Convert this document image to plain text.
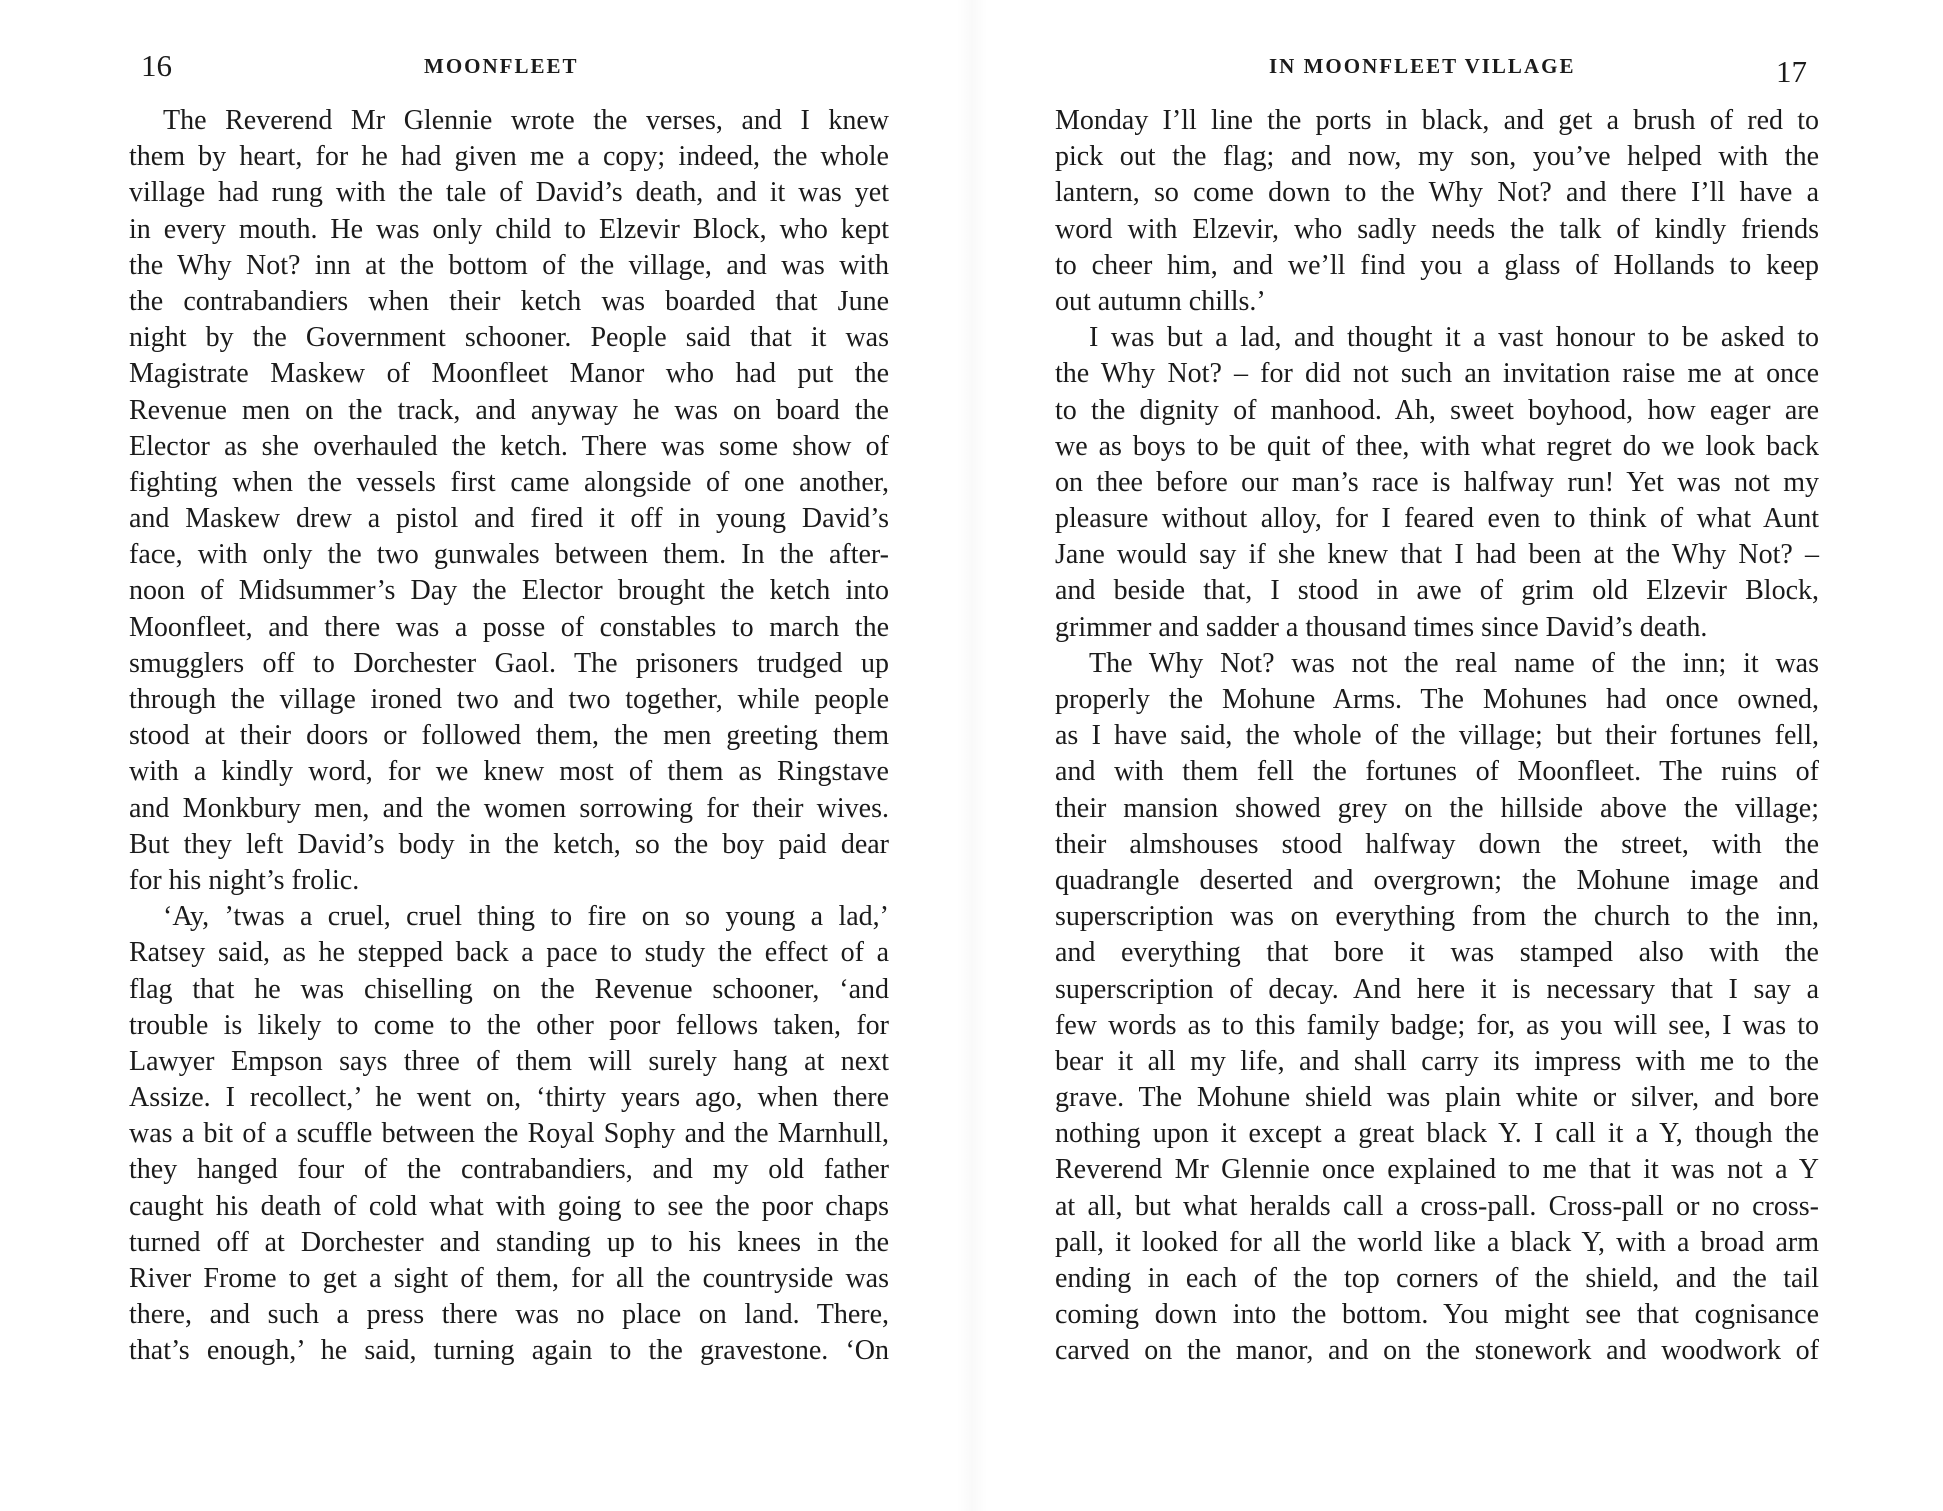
16	MOONFLEET
The Reverend Mr Glennie wrote the verses, and I knew
them by heart, for he had given me a copy; indeed, the whole
village had rung with the tale of David’s death, and it was yet
in every mouth. He was only child to Elzevir Block, who kept
the Why Not? inn at the bottom of the village, and was with
the contrabandiers when their ketch was boarded that June
night by the Government schooner. People said that it was
Magistrate Maskew of Moonfleet Manor who had put the
Revenue men on the track, and anyway he was on board the
Elector as she overhauled the ketch. There was some show of
fighting when the vessels first came alongside of one another,
and Maskew drew a pistol and fired it off in young David’s
face, with only the two gunwales between them. In the after-
noon of Midsummer’s Day the Elector brought the ketch into
Moonfleet, and there was a posse of constables to march the
smugglers off to Dorchester Gaol. The prisoners trudged up
through the village ironed two and two together, while people
stood at their doors or followed them, the men greeting them
with a kindly word, for we knew most of them as Ringstave
and Monkbury men, and the women sorrowing for their wives.
But they left David’s body in the ketch, so the boy paid dear
for his night’s frolic.
‘Ay, ’twas a cruel, cruel thing to fire on so young a lad,’
Ratsey said, as he stepped back a pace to study the effect of a
flag that he was chiselling on the Revenue schooner, ‘and
trouble is likely to come to the other poor fellows taken, for
Lawyer Empson says three of them will surely hang at next
Assize. I recollect,’ he went on, ‘thirty years ago, when there
was a bit of a scuffle between the Royal Sophy and the Marnhull,
they hanged four of the contrabandiers, and my old father
caught his death of cold what with going to see the poor chaps
turned off at Dorchester and standing up to his knees in the
River Frome to get a sight of them, for all the countryside was
there, and such a press there was no place on land. There,
that’s enough,’ he said, turning again to the gravestone. ‘On
IN MOONFLEET VILLAGE	17
Monday I’ll line the ports in black, and get a brush of red to
pick out the flag; and now, my son, you’ve helped with the
lantern, so come down to the Why Not? and there I’ll have a
word with Elzevir, who sadly needs the talk of kindly friends
to cheer him, and we’ll find you a glass of Hollands to keep
out autumn chills.’
I was but a lad, and thought it a vast honour to be asked to
the Why Not? – for did not such an invitation raise me at once
to the dignity of manhood. Ah, sweet boyhood, how eager are
we as boys to be quit of thee, with what regret do we look back
on thee before our man’s race is halfway run! Yet was not my
pleasure without alloy, for I feared even to think of what Aunt
Jane would say if she knew that I had been at the Why Not? –
and beside that, I stood in awe of grim old Elzevir Block,
grimmer and sadder a thousand times since David’s death.
The Why Not? was not the real name of the inn; it was
properly the Mohune Arms. The Mohunes had once owned,
as I have said, the whole of the village; but their fortunes fell,
and with them fell the fortunes of Moonfleet. The ruins of
their mansion showed grey on the hillside above the village;
their almshouses stood halfway down the street, with the
quadrangle deserted and overgrown; the Mohune image and
superscription was on everything from the church to the inn,
and everything that bore it was stamped also with the
superscription of decay. And here it is necessary that I say a
few words as to this family badge; for, as you will see, I was to
bear it all my life, and shall carry its impress with me to the
grave. The Mohune shield was plain white or silver, and bore
nothing upon it except a great black Y. I call it a Y, though the
Reverend Mr Glennie once explained to me that it was not a Y
at all, but what heralds call a cross-pall. Cross-pall or no cross-
pall, it looked for all the world like a black Y, with a broad arm
ending in each of the top corners of the shield, and the tail
coming down into the bottom. You might see that cognisance
carved on the manor, and on the stonework and woodwork of
